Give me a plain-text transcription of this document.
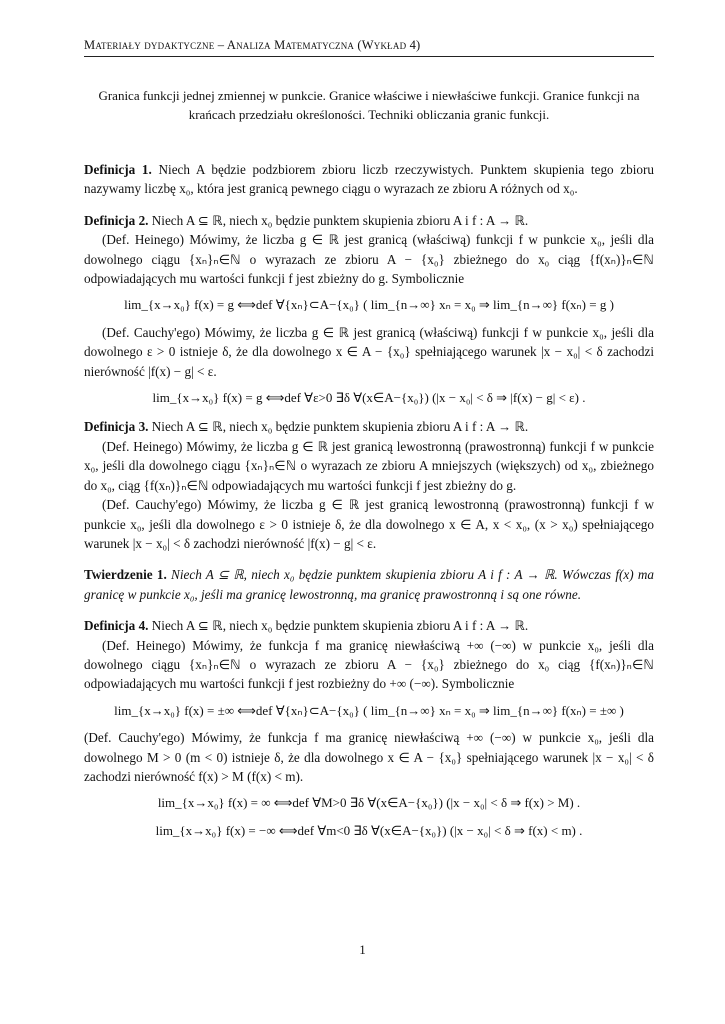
Materiały dydaktyczne – Analiza Matematyczna (Wykład 4)
Granica funkcji jednej zmiennej w punkcie. Granice właściwe i niewłaściwe funkcji. Granice funkcji na krańcach przedziału określoności. Techniki obliczania granic funkcji.

Definicja 1. Niech A będzie podzbiorem zbioru liczb rzeczywistych. Punktem skupienia tego zbioru nazywamy liczbę x₀, która jest granicą pewnego ciągu o wyrazach ze zbioru A różnych od x₀.

Definicja 2. Niech A ⊆ ℝ, niech x₀ będzie punktem skupienia zbioru A i f : A → ℝ.

(Def. Heinego) Mówimy, że liczba g ∈ ℝ jest granicą (właściwą) funkcji f w punkcie x₀, jeśli dla dowolnego ciągu {xₙ}ₙ∈ℕ o wyrazach ze zbioru A − {x₀} zbieżnego do x₀ ciąg {f(xₙ)}ₙ∈ℕ odpowiadających mu wartości funkcji f jest zbieżny do g. Symbolicznie

lim_{x→x₀} f(x) = g ⟺def ∀{xₙ}⊂A−{x₀} ( lim_{n→∞} xₙ = x₀ ⇒ lim_{n→∞} f(xₙ) = g )

(Def. Cauchy'ego) Mówimy, że liczba g ∈ ℝ jest granicą (właściwą) funkcji f w punkcie x₀, jeśli dla dowolnego ε > 0 istnieje δ, że dla dowolnego x ∈ A − {x₀} spełniającego warunek |x − x₀| < δ zachodzi nierówność |f(x) − g| < ε.

lim_{x→x₀} f(x) = g ⟺def ∀ε>0 ∃δ ∀(x∈A−{x₀}) (|x − x₀| < δ ⇒ |f(x) − g| < ε) .

Definicja 3. Niech A ⊆ ℝ, niech x₀ będzie punktem skupienia zbioru A i f : A → ℝ.

(Def. Heinego) Mówimy, że liczba g ∈ ℝ jest granicą lewostronną (prawostronną) funkcji f w punkcie x₀, jeśli dla dowolnego ciągu {xₙ}ₙ∈ℕ o wyrazach ze zbioru A mniejszych (większych) od x₀, zbieżnego do x₀, ciąg {f(xₙ)}ₙ∈ℕ odpowiadających mu wartości funkcji f jest zbieżny do g.

(Def. Cauchy'ego) Mówimy, że liczba g ∈ ℝ jest granicą lewostronną (prawostronną) funkcji f w punkcie x₀, jeśli dla dowolnego ε > 0 istnieje δ, że dla dowolnego x ∈ A, x < x₀, (x > x₀) spełniającego warunek |x − x₀| < δ zachodzi nierówność |f(x) − g| < ε.

Twierdzenie 1. Niech A ⊆ ℝ, niech x₀ będzie punktem skupienia zbioru A i f : A → ℝ. Wówczas f(x) ma granicę w punkcie x₀, jeśli ma granicę lewostronną, ma granicę prawostronną i są one równe.

Definicja 4. Niech A ⊆ ℝ, niech x₀ będzie punktem skupienia zbioru A i f : A → ℝ.

(Def. Heinego) Mówimy, że funkcja f ma granicę niewłaściwą +∞ (−∞) w punkcie x₀, jeśli dla dowolnego ciągu {xₙ}ₙ∈ℕ o wyrazach ze zbioru A − {x₀} zbieżnego do x₀ ciąg {f(xₙ)}ₙ∈ℕ odpowiadających mu wartości funkcji f jest rozbieżny do +∞ (−∞). Symbolicznie

lim_{x→x₀} f(x) = ±∞ ⟺def ∀{xₙ}⊂A−{x₀} ( lim_{n→∞} xₙ = x₀ ⇒ lim_{n→∞} f(xₙ) = ±∞ )

(Def. Cauchy'ego) Mówimy, że funkcja f ma granicę niewłaściwą +∞ (−∞) w punkcie x₀, jeśli dla dowolnego M > 0 (m < 0) istnieje δ, że dla dowolnego x ∈ A − {x₀} spełniającego warunek |x − x₀| < δ zachodzi nierówność f(x) > M (f(x) < m).

lim_{x→x₀} f(x) = ∞ ⟺def ∀M>0 ∃δ ∀(x∈A−{x₀}) (|x − x₀| < δ ⇒ f(x) > M) .
lim_{x→x₀} f(x) = −∞ ⟺def ∀m<0 ∃δ ∀(x∈A−{x₀}) (|x − x₀| < δ ⇒ f(x) < m) .
1
